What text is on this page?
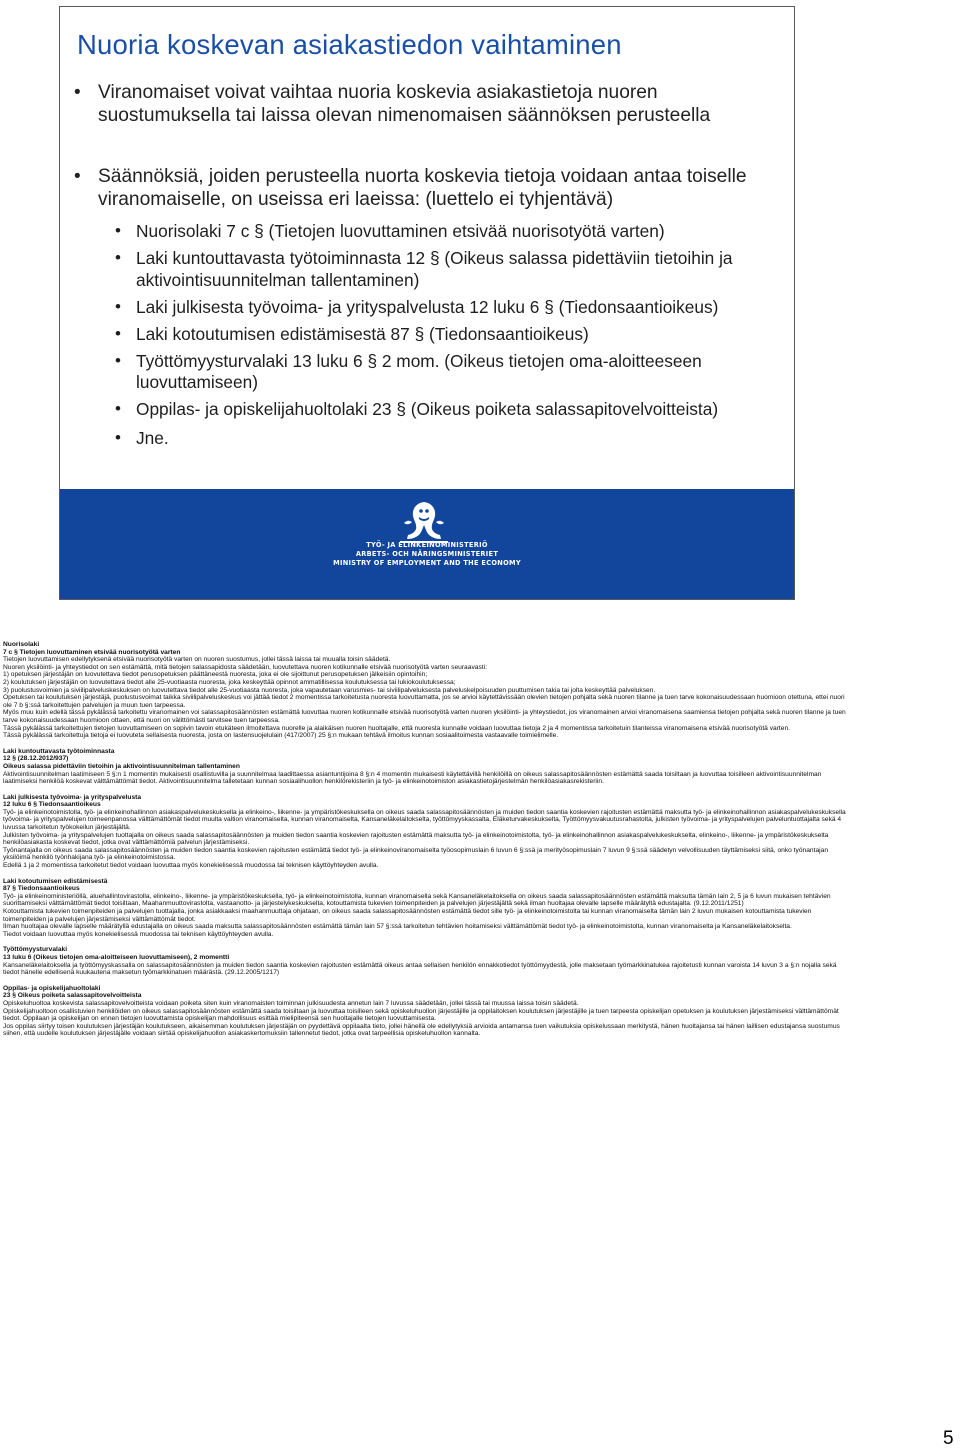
Nuoria koskevan asiakastiedon vaihtaminen
• Viranomaiset voivat vaihtaa nuoria koskevia asiakastietoja nuoren suostumuksella tai laissa olevan nimenomaisen säännöksen perusteella
• Säännöksiä, joiden perusteella nuorta koskevia tietoja voidaan antaa toiselle viranomaiselle, on useissa eri laeissa: (luettelo ei tyhjentävä)
• Nuorisolaki 7 c § (Tietojen luovuttaminen etsivää nuorisotyötä varten)
• Laki kuntouttavasta työtoiminnasta 12 § (Oikeus salassa pidettäviin tietoihin ja aktivointisuunnitelman tallentaminen)
• Laki julkisesta työvoima- ja yrityspalvelusta 12 luku 6 § (Tiedonsaantioikeus)
• Laki kotoutumisen edistämisestä 87 § (Tiedonsaantioikeus)
• Työttömyysturvalaki 13 luku 6 § 2 mom. (Oikeus tietojen oma-aloitteeseen luovuttamiseen)
• Oppilas- ja opiskelijahuoltolaki 23 § (Oikeus poiketa salassapitovelvoitteista)
• Jne.
TYÖ- JA ELINKEINOMINISTERIÖ
ARBETS- OCH NÄRINGSMINISTERIET
MINISTRY OF EMPLOYMENT AND THE ECONOMY

Nuorisolaki

7 c § Tietojen luovuttaminen etsivää nuorisotyötä varten

Tietojen luovuttamisen edellytyksenä etsivää nuorisotyötä varten on nuoren suostumus, jollei tässä laissa tai muualla toisin säädetä.

Nuoren yksilöinti- ja yhteystiedot on sen estämättä, mitä tietojen salassapidosta säädetään, luovutettava nuoren kotikunnalle etsivää nuorisotyötä varten seuraavasti:

1) opetuksen järjestäjän on luovutettava tiedot perusopetuksen päättäneestä nuoresta, joka ei ole sijoittunut perusopetuksen jälkeisiin opintoihin;

2) koulutuksen järjestäjän on luovutettava tiedot alle 25-vuotiaasta nuoresta, joka keskeyttää opinnot ammatillisessa koulutuksessa tai lukiokoulutuksessa;

3) puolustusvoimien ja siviilipalveluskeskuksen on luovutettava tiedot alle 25-vuotiaasta nuoresta, joka vapautetaan varusmies- tai siviilipalveluksesta palveluskelpoisuuden puuttumisen takia tai jolta keskeyttää palveluksen.

Opetuksen tai koulutuksen järjestäjä, puolustusvoimat taikka siviilipalveluskeskus voi jättää tiedot 2 momentissa tarkoitetusta nuoresta luovuttamatta, jos se arvioi käytettävissään olevien tietojen pohjalta sekä nuoren tilanne ja tuen tarve kokonaisuudessaan huomioon otettuna, ettei nuori ole 7 b §:ssä tarkoitettujen palvelujen ja muun tuen tarpeessa.

Myös muu kuin edellä tässä pykälässä tarkoitettu viranomainen voi salassapitosäännösten estämättä luovuttaa nuoren kotikunnalle etsivää nuorisotyötä varten nuoren yksilöinti- ja yhteystiedot, jos viranomainen arvioi viranomaisena saamiensa tietojen pohjalta sekä nuoren tilanne ja tuen tarve kokonaisuudessaan huomioon ottaen, että nuori on välittömästi tarvitsee tuen tarpeessa.

Tässä pykälässä tarkoitettujen tietojen luovuttamiseen on sopivin tavoin etukäteen ilmoitettava nuorelle ja alaikäisen nuoren huoltajalle, että nuoresta kunnalle voidaan luovuttaa tietoja 2 ja 4 momentissa tarkoitetuin tilanteissa viranomaisena etsivää nuorisotyötä varten.

Tässä pykälässä tarkoitettuja tietoja ei luovuteta sellaisesta nuoresta, josta on lastensuojelulain (417/2007) 25 §:n mukaan tehtävä ilmoitus kunnan sosiaalitoimesta vastaavalle toimielimelle.

Laki kuntouttavasta työtoiminnasta

12 § (28.12.2012/937)

Oikeus salassa pidettäviin tietoihin ja aktivointisuunnitelman tallentaminen

Aktivointisuunnitelman laatimiseen 5 §:n 1 momentin mukaisesti osallistuvilla ja suunnitelmaa laadittaessa asiantuntijoina 8 §:n 4 momentin mukaisesti käytettävillä henkilöillä on oikeus salassapitosäännösten estämättä saada toisiltaan ja luovuttaa toisilleen aktivointisuunnitelman laatimiseksi henkilöä koskevat välttämättömät tiedot. Aktivointisuunnitelma talletetaan kunnan sosiaalihuollon henkilörekisteriin ja työ- ja elinkeinotoimiston asiakastietojärjestelmän henkilöasiakasrekisteriin.

Laki julkisesta työvoima- ja yrityspalvelusta

12 luku 6 § Tiedonsaantioikeus

Työ- ja elinkeinotoimistolla, työ- ja elinkeinohallinnon asiakaspalvelukeskuksella ja elinkeino-, liikenne- ja ympäristökeskuksella on oikeus saada salassapitosäännösten ja muiden tiedon saantia koskevien rajoitusten estämättä maksutta työ- ja elinkeinohallinnon asiakaspalvelukeskuksella työvoima- ja yrityspalvelujen toimeenpanossa välttämättömät tiedot muulta valtion viranomaiselta, kunnan viranomaiselta, Kansaneläkelaitokselta, työttömyyskassalta, Eläketurvakeskukselta, Työttömyysvakuutusrahastolta, julkisten työvoima- ja yrityspalvelujen palveluntuottajalta sekä 4 luvussa tarkoitetun työkokeilun järjestäjältä.

Julkisten työvoima- ja yrityspalvelujen tuottajalla on oikeus saada salassapitosäännösten ja muiden tiedon saantia koskevien rajoitusten estämättä maksutta työ- ja elinkeinotoimistolta, työ- ja elinkeinohallinnon asiakaspalvelukeskukselta, elinkeino-, liikenne- ja ympäristökeskukselta henkilöasiakasta koskevat tiedot, jotka ovat välttämättömiä palvelun järjestämiseksi.

Työnantajalla on oikeus saada salassapitosäännösten ja muiden tiedon saantia koskevien rajoitusten estämättä tiedot työ- ja elinkeinoviranomaiselta työosopimuslain 6 luvun 6 §:ssä ja merityösopimuslain 7 luvun 9 §:ssä säädetyn velvollisuuden täyttämiseksi siitä, onko työnantajan yksilöimä henkilö työnhakijana työ- ja elinkeinotoimistossa.

Edellä 1 ja 2 momentissa tarkoitetut tiedot voidaan luovuttaa myös konekielisessä muodossa tai teknisen käyttöyhteyden avulla.

Laki kotoutumisen edistämisestä

87 § Tiedonsaantioikeus

Työ- ja elinkeinoministeriöllä, aluehallintovirastolla, elinkeino-, liikenne- ja ympäristökeskuksella, työ- ja elinkeinotoimistolla, kunnan viranomaisella sekä Kansaneläkelaitoksella on oikeus saada salassapitosäännösten estämättä maksutta tämän lain 2, 5 ja 6 luvun mukaisen tehtävien suorittamiseksi välttämättömät tiedot toisiltaan, Maahanmuuttovirastolta, vastaanotto- ja järjestelykeskukselta, kotouttamista tukevien toimenpiteiden ja palvelujen järjestäjältä sekä ilman huoltajaa olevalle lapselle määrätyltä edustajalta. (9.12.2011/1251)

Kotouttamista tukevien toimenpiteiden ja palvelujen tuottajalla, jonka asiakkaaksi maahanmuuttaja ohjataan, on oikeus saada salassapitosäännösten estämättä tiedot sille työ- ja elinkeinotoimistolta tai kunnan viranomaiselta tämän lain 2 luvun mukaisen kotouttamista tukevien toimenpiteiden ja palvelujen järjestämiseksi välttämättömät tiedot.

Ilman huoltajaa olevalle lapselle määrätyllä edustajalla on oikeus saada maksutta salassapitosäännösten estämättä tämän lain 57 §:ssä tarkoitetun tehtävien hoitamiseksi välttämättömät tiedot työ- ja elinkeinotoimistolta, kunnan viranomaiselta ja Kansaneläkelaitokselta.

Tiedot voidaan luovuttaa myös konekielisessä muodossa tai teknisen käyttöyhteyden avulla.

Työttömyysturvalaki

13 luku 6 (Oikeus tietojen oma-aloitteiseen luovuttamiseen), 2 momentti

Kansaneläkelaitoksella ja työttömyyskassalla on salassapitosäännösten ja muiden tiedon saantia koskevien rajoitusten estämättä oikeus antaa sellaisen henkilön ennakkotiedot työttömyydestä, jolle maksetaan työmarkkinatukea rajoitetusti kunnan varoista 14 luvun 3 a §:n nojalla sekä tiedot hänelle edellisenä kuukautena maksetun työmarkkinatuen määrästä. (29.12.2005/1217)

Oppilas- ja opiskelijahuoltolaki

23 § Oikeus poiketa salassapitovelvoitteista

Opiskeluhuoltoa koskevista salassapitovelvoitteista voidaan poiketa siten kuin viranomaisten toiminnan julkisuudesta annetun lain 7 luvussa säädetään, jollei tässä tai muussa laissa toisin säädetä.

Opiskelijahuoltoon osallistuvien henkilöiden on oikeus salassapitosäännösten estämättä saada toisiltaan ja luovuttaa toisilleen sekä opiskeluhuollon järjestäjille ja oppilaitoksen koulutuksen järjestäjille ja tuen tarpeesta opiskelijan opetuksen ja koulutuksen järjestämiseksi välttämättömät tiedot. Oppilaan ja opiskelijan on ennen tietojen luovuttamista opiskelijan mahdollisuus esittää mielipiteensä sen huoltajalle tietojen luovuttamisesta.

Jos oppilas siirtyy toisen koulutuksen järjestäjän koulutukseen, aikaisemman koulutuksen järjestäjän on pyydettävä oppilaalta tieto, jollei hänellä ole edellytyksiä arvioida antamansa tuen vaikutuksia opiskelussaan merkitystä, hänen huoltajansa tai hänen laillisen edustajansa suostumus siihen, että uudelle koulutuksen järjestäjälle voidaan siirtää opiskelijahuollon asiakaskertomuksiin tallennetut tiedot, jotka ovat tarpeellisia opiskeluhuollon kannalta.

5
